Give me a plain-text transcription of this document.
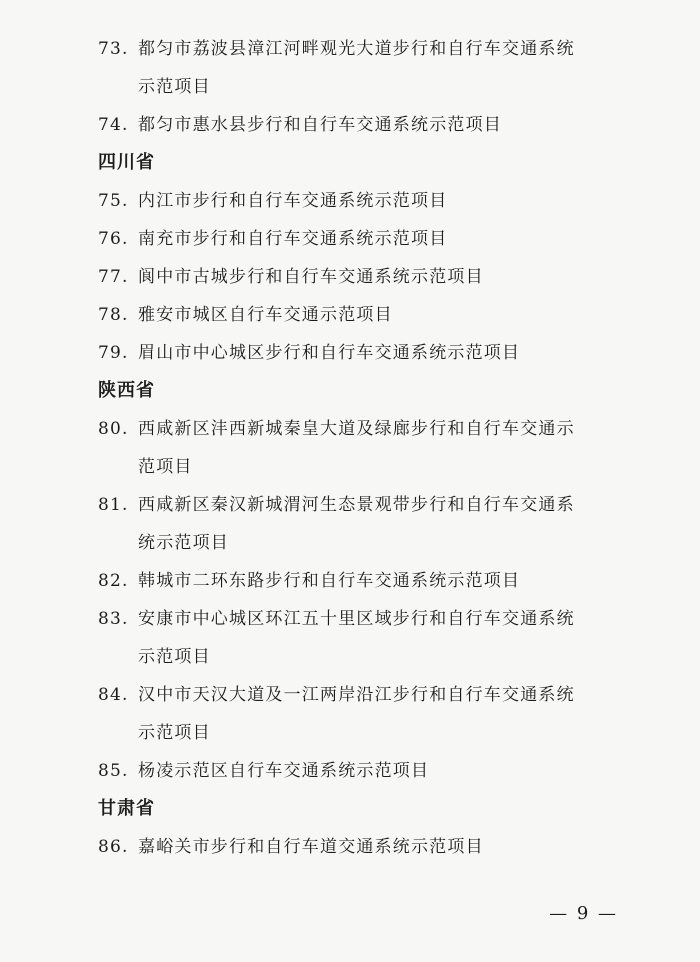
73. 都匀市荔波县漳江河畔观光大道步行和自行车交通系统
示范项目
74. 都匀市惠水县步行和自行车交通系统示范项目
四川省
75. 内江市步行和自行车交通系统示范项目
76. 南充市步行和自行车交通系统示范项目
77. 阆中市古城步行和自行车交通系统示范项目
78. 雅安市城区自行车交通示范项目
79. 眉山市中心城区步行和自行车交通系统示范项目
陕西省
80. 西咸新区沣西新城秦皇大道及绿廊步行和自行车交通示
范项目
81. 西咸新区秦汉新城渭河生态景观带步行和自行车交通系
统示范项目
82. 韩城市二环东路步行和自行车交通系统示范项目
83. 安康市中心城区环江五十里区域步行和自行车交通系统
示范项目
84. 汉中市天汉大道及一江两岸沿江步行和自行车交通系统
示范项目
85. 杨凌示范区自行车交通系统示范项目
甘肃省
86. 嘉峪关市步行和自行车道交通系统示范项目
— 9 —
